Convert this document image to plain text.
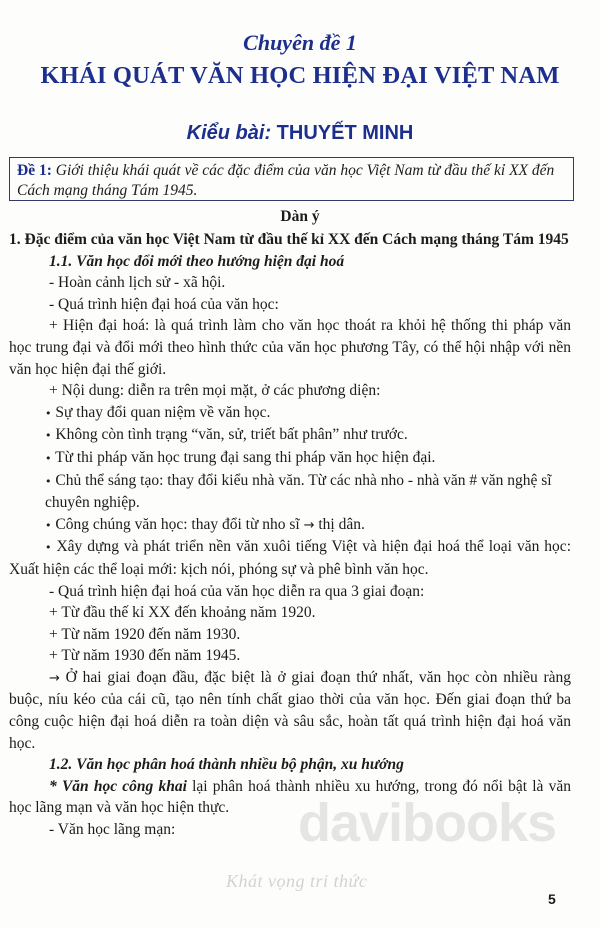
Chuyên đề 1
KHÁI QUÁT VĂN HỌC HIỆN ĐẠI VIỆT NAM
Kiểu bài: THUYẾT MINH
Đề 1: Giới thiệu khái quát về các đặc điểm của văn học Việt Nam từ đầu thế kỉ XX đến Cách mạng tháng Tám 1945.
Dàn ý

1. Đặc điểm của văn học Việt Nam từ đầu thế kỉ XX đến Cách mạng tháng Tám 1945

1.1. Văn học đổi mới theo hướng hiện đại hoá

- Hoàn cảnh lịch sử - xã hội.

- Quá trình hiện đại hoá của văn học:

+ Hiện đại hoá: là quá trình làm cho văn học thoát ra khỏi hệ thống thi pháp văn học trung đại và đổi mới theo hình thức của văn học phương Tây, có thể hội nhập với nền văn học hiện đại thế giới.

+ Nội dung: diễn ra trên mọi mặt, ở các phương diện:

• Sự thay đổi quan niệm về văn học.

• Không còn tình trạng “văn, sử, triết bất phân” như trước.

• Từ thi pháp văn học trung đại sang thi pháp văn học hiện đại.

• Chủ thể sáng tạo: thay đổi kiểu nhà văn. Từ các nhà nho - nhà văn # văn nghệ sĩ chuyên nghiệp.

• Công chúng văn học: thay đổi từ nho sĩ → thị dân.

• Xây dựng và phát triển nền văn xuôi tiếng Việt và hiện đại hoá thể loại văn học: Xuất hiện các thể loại mới: kịch nói, phóng sự và phê bình văn học.

- Quá trình hiện đại hoá của văn học diễn ra qua 3 giai đoạn:

+ Từ đầu thế kỉ XX đến khoảng năm 1920.

+ Từ năm 1920 đến năm 1930.

+ Từ năm 1930 đến năm 1945.

→ Ở hai giai đoạn đầu, đặc biệt là ở giai đoạn thứ nhất, văn học còn nhiều ràng buộc, níu kéo của cái cũ, tạo nên tính chất giao thời của văn học. Đến giai đoạn thứ ba công cuộc hiện đại hoá diễn ra toàn diện và sâu sắc, hoàn tất quá trình hiện đại hoá văn học.

1.2. Văn học phân hoá thành nhiều bộ phận, xu hướng

* Văn học công khai lại phân hoá thành nhiều xu hướng, trong đó nổi bật là văn học lãng mạn và văn học hiện thực.

- Văn học lãng mạn:	davibooks
Khát vọng tri thức
5
